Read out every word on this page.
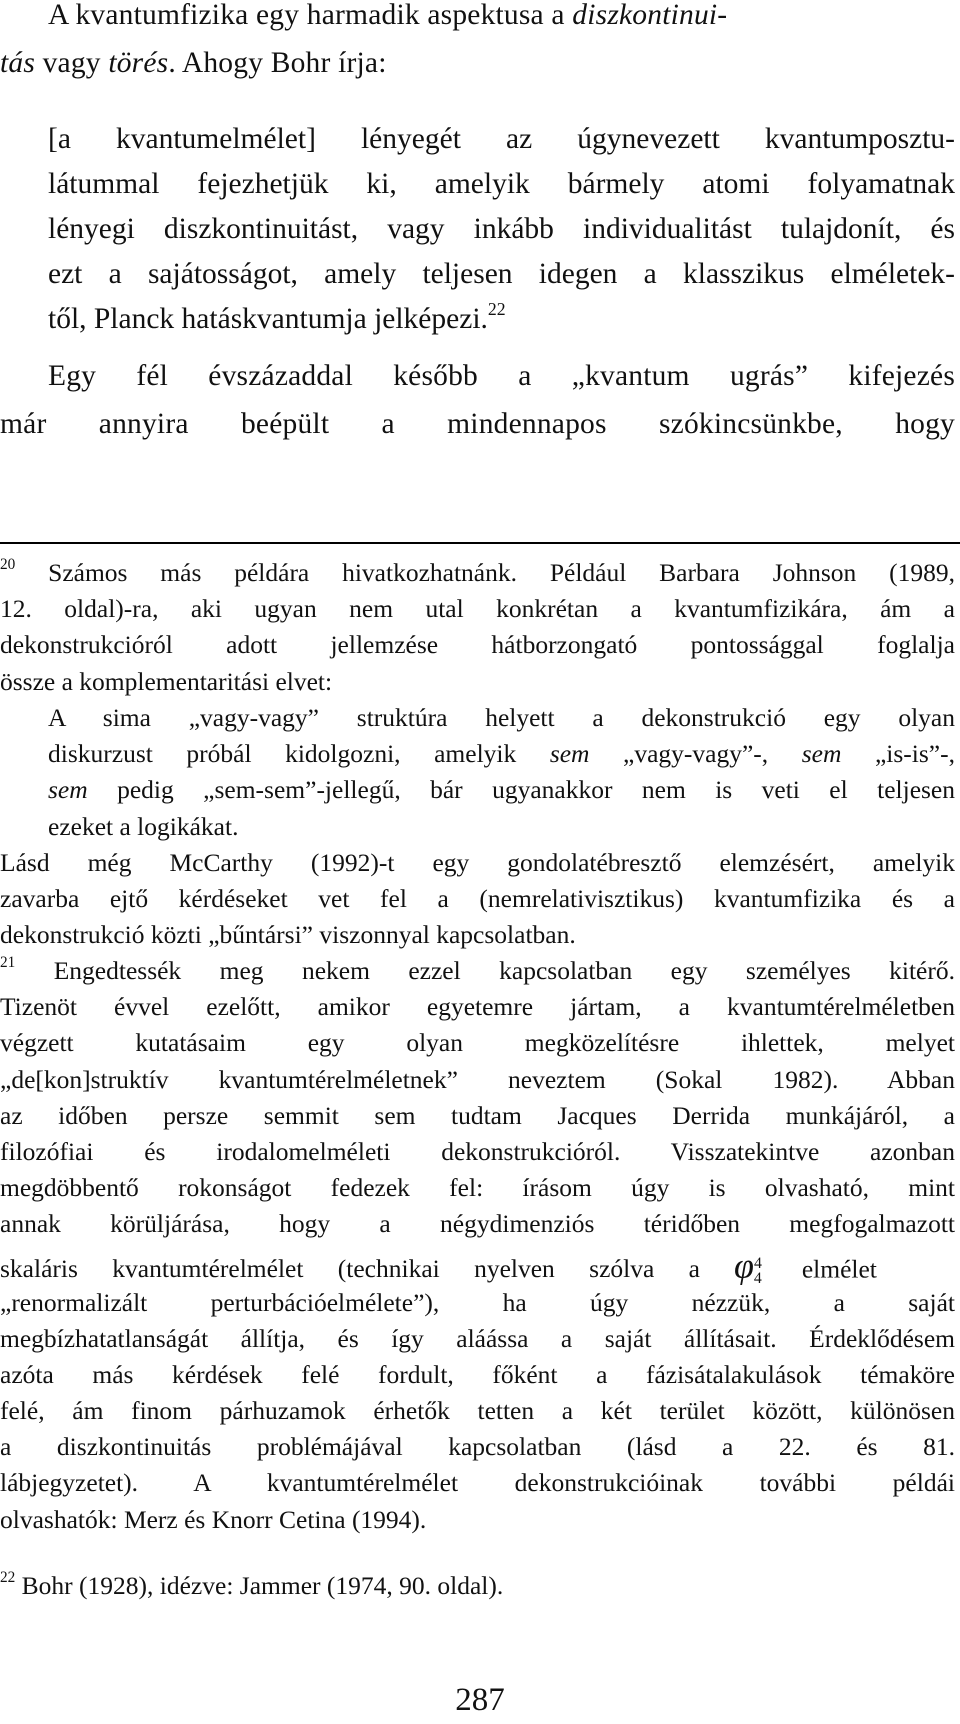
A kvantumfizika egy harmadik aspektusa a diszkontinui-
tás vagy törés. Ahogy Bohr írja:
[a kvantumelmélet] lényegét az úgynevezett kvantumposztu-
látummal fejezhetjük ki, amelyik bármely atomi folyamatnak
lényegi diszkontinuitást, vagy inkább individualitást tulajdonít, és
ezt a sajátosságot, amely teljesen idegen a klasszikus elméletek-
től, Planck hatáskvantumja jelképezi.$^{22}$
Egy fél évszázaddal később a „kvantum ugrás” kifejezés
már annyira beépült a mindennapos szókincsünkbe, hogy
$^{20}$ Számos más példára hivatkozhatnánk. Például Barbara Johnson (1989,
12. oldal)-ra, aki ugyan nem utal konkrétan a kvantumfizikára, ám a
dekonstrukcióról adott jellemzése hátborzongató pontossággal foglalja
össze a komplementaritási elvet:
A sima „vagy-vagy” struktúra helyett a dekonstrukció egy olyan
diskurzust próbál kidolgozni, amelyik sem „vagy-vagy”-, sem „is-is”-,
sem pedig „sem-sem”-jellegű, bár ugyanakkor nem is veti el teljesen
ezeket a logikákat.
Lásd még McCarthy (1992)-t egy gondolatébresztő elemzésért, amelyik
zavarba ejtő kérdéseket vet fel a (nemrelativisztikus) kvantumfizika és a
dekonstrukció közti „bűntársi” viszonnyal kapcsolatban.
$^{21}$ Engedtessék meg nekem ezzel kapcsolatban egy személyes kitérő.
Tizenöt évvel ezelőtt, amikor egyetemre jártam, a kvantumtérelméletben
végzett kutatásaim egy olyan megközelítésre ihlettek, melyet
„de[kon]struktív kvantumtérelméletnek” neveztem (Sokal 1982). Abban
az időben persze semmit sem tudtam Jacques Derrida munkájáról, a
filozófiai és irodalomelméleti dekonstrukcióról. Visszatekintve azonban
megdöbbentő rokonságot fedezek fel: írásom úgy is olvasható, mint
annak körüljárása, hogy a négydimenziós téridőben megfogalmazott
skaláris kvantumtérelmélet (technikai nyelven szólva a $\varphi_4^4$ elmélet
„renormalizált perturbációelmélete”), ha úgy nézzük, a saját
megbízhatatlanságát állítja, és így aláássa a saját állításait. Érdeklődésem
azóta más kérdések felé fordult, főként a fázisátalakulások témaköre
felé, ám finom párhuzamok érhetők tetten a két terület között, különösen
a diszkontinuitás problémájával kapcsolatban (lásd a 22. és 81.
lábjegyzetet). A kvantumtérelmélet dekonstrukcióinak további példái
olvashatók: Merz és Knorr Cetina (1994).
$^{22}$ Bohr (1928), idézve: Jammer (1974, 90. oldal).
287
